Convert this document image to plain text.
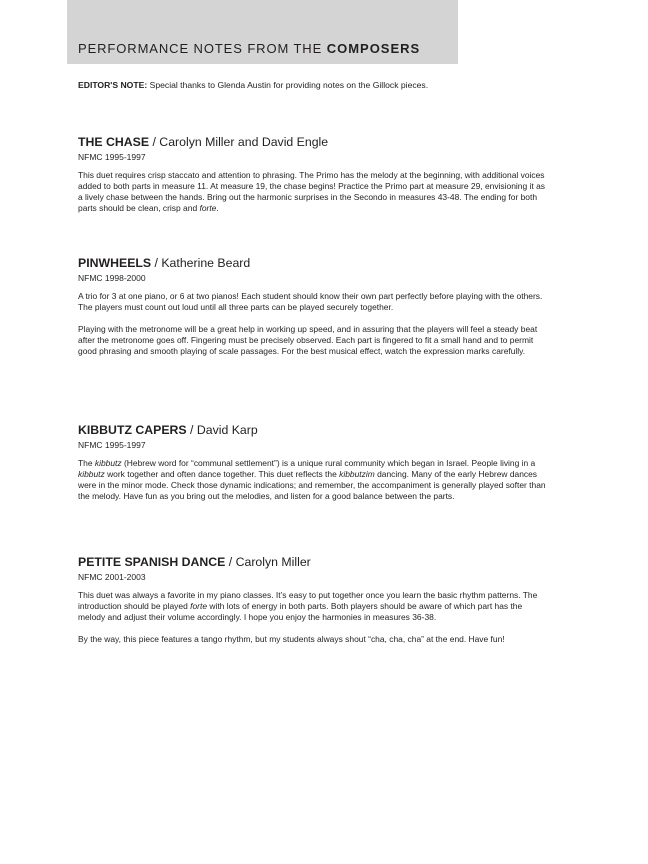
PERFORMANCE NOTES FROM THE COMPOSERS
EDITOR'S NOTE: Special thanks to Glenda Austin for providing notes on the Gillock pieces.
THE CHASE / Carolyn Miller and David Engle
NFMC 1995-1997

This duet requires crisp staccato and attention to phrasing. The Primo has the melody at the beginning, with additional voices added to both parts in measure 11. At measure 19, the chase begins! Practice the Primo part at measure 29, envisioning it as a lively chase between the hands. Bring out the harmonic surprises in the Secondo in measures 43-48. The ending for both parts should be clean, crisp and forte.

PINWHEELS / Katherine Beard
NFMC 1998-2000

A trio for 3 at one piano, or 6 at two pianos! Each student should know their own part perfectly before playing with the others. The players must count out loud until all three parts can be played securely together.

Playing with the metronome will be a great help in working up speed, and in assuring that the players will feel a steady beat after the metronome goes off. Fingering must be precisely observed. Each part is fingered to fit a small hand and to permit good phrasing and smooth playing of scale passages. For the best musical effect, watch the expression marks carefully.

KIBBUTZ CAPERS / David Karp
NFMC 1995-1997

The kibbutz (Hebrew word for “communal settlement”) is a unique rural community which began in Israel. People living in a kibbutz work together and often dance together. This duet reflects the kibbutzim dancing. Many of the early Hebrew dances were in the minor mode. Check those dynamic indications; and remember, the accompaniment is generally played softer than the melody. Have fun as you bring out the melodies, and listen for a good balance between the parts.

PETITE SPANISH DANCE / Carolyn Miller
NFMC 2001-2003

This duet was always a favorite in my piano classes. It’s easy to put together once you learn the basic rhythm patterns. The introduction should be played forte with lots of energy in both parts. Both players should be aware of which part has the melody and adjust their volume accordingly. I hope you enjoy the harmonies in measures 36-38.

By the way, this piece features a tango rhythm, but my students always shout “cha, cha, cha” at the end. Have fun!
